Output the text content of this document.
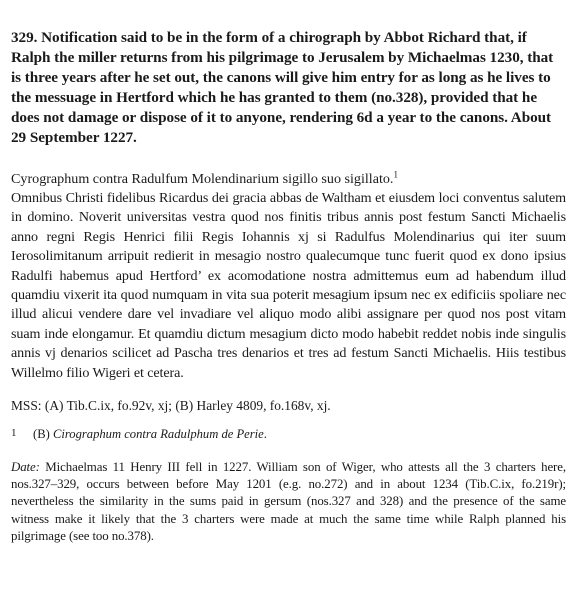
329. Notification said to be in the form of a chirograph by Abbot Richard that, if Ralph the miller returns from his pilgrimage to Jerusalem by Michaelmas 1230, that is three years after he set out, the canons will give him entry for as long as he lives to the messuage in Hertford which he has granted to them (no.328), provided that he does not damage or dispose of it to anyone, rendering 6d a year to the canons. About 29 September 1227.

Cyrographum contra Radulfum Molendinarium sigillo suo sigillato.$^1$

Omnibus Christi fidelibus Ricardus dei gracia abbas de Waltham et eiusdem loci conventus salutem in domino. Noverit universitas vestra quod nos finitis tribus annis post festum Sancti Michaelis anno regni Regis Henrici filii Regis Iohannis xj si Radulfus Molendinarius qui iter suum Ierosolimitanum arripuit redierit in mesagio nostro qualecumque tunc fuerit quod ex dono ipsius Radulfi habemus apud Hertford’ ex acomodatione nostra admittemus eum ad habendum illud quamdiu vixerit ita quod numquam in vita sua poterit mesagium ipsum nec ex edificiis spoliare nec illud alicui vendere dare vel invadiare vel aliquo modo alibi assignare per quod nos post vitam suam inde elongamur. Et quamdiu dictum mesagium dicto modo habebit reddet nobis inde singulis annis vj denarios scilicet ad Pascha tres denarios et tres ad festum Sancti Michaelis. Hiis testibus Willelmo filio Wigeri et cetera.

MSS: (A) Tib.C.ix, fo.92v, xj; (B) Harley 4809, fo.168v, xj.

1 (B) Cirographum contra Radulphum de Perie.

Date: Michaelmas 11 Henry III fell in 1227. William son of Wiger, who attests all the 3 charters here, nos.327–329, occurs between before May 1201 (e.g. no.272) and in about 1234 (Tib.C.ix, fo.219r); nevertheless the similarity in the sums paid in gersum (nos.327 and 328) and the presence of the same witness make it likely that the 3 charters were made at much the same time while Ralph planned his pilgrimage (see too no.378).
